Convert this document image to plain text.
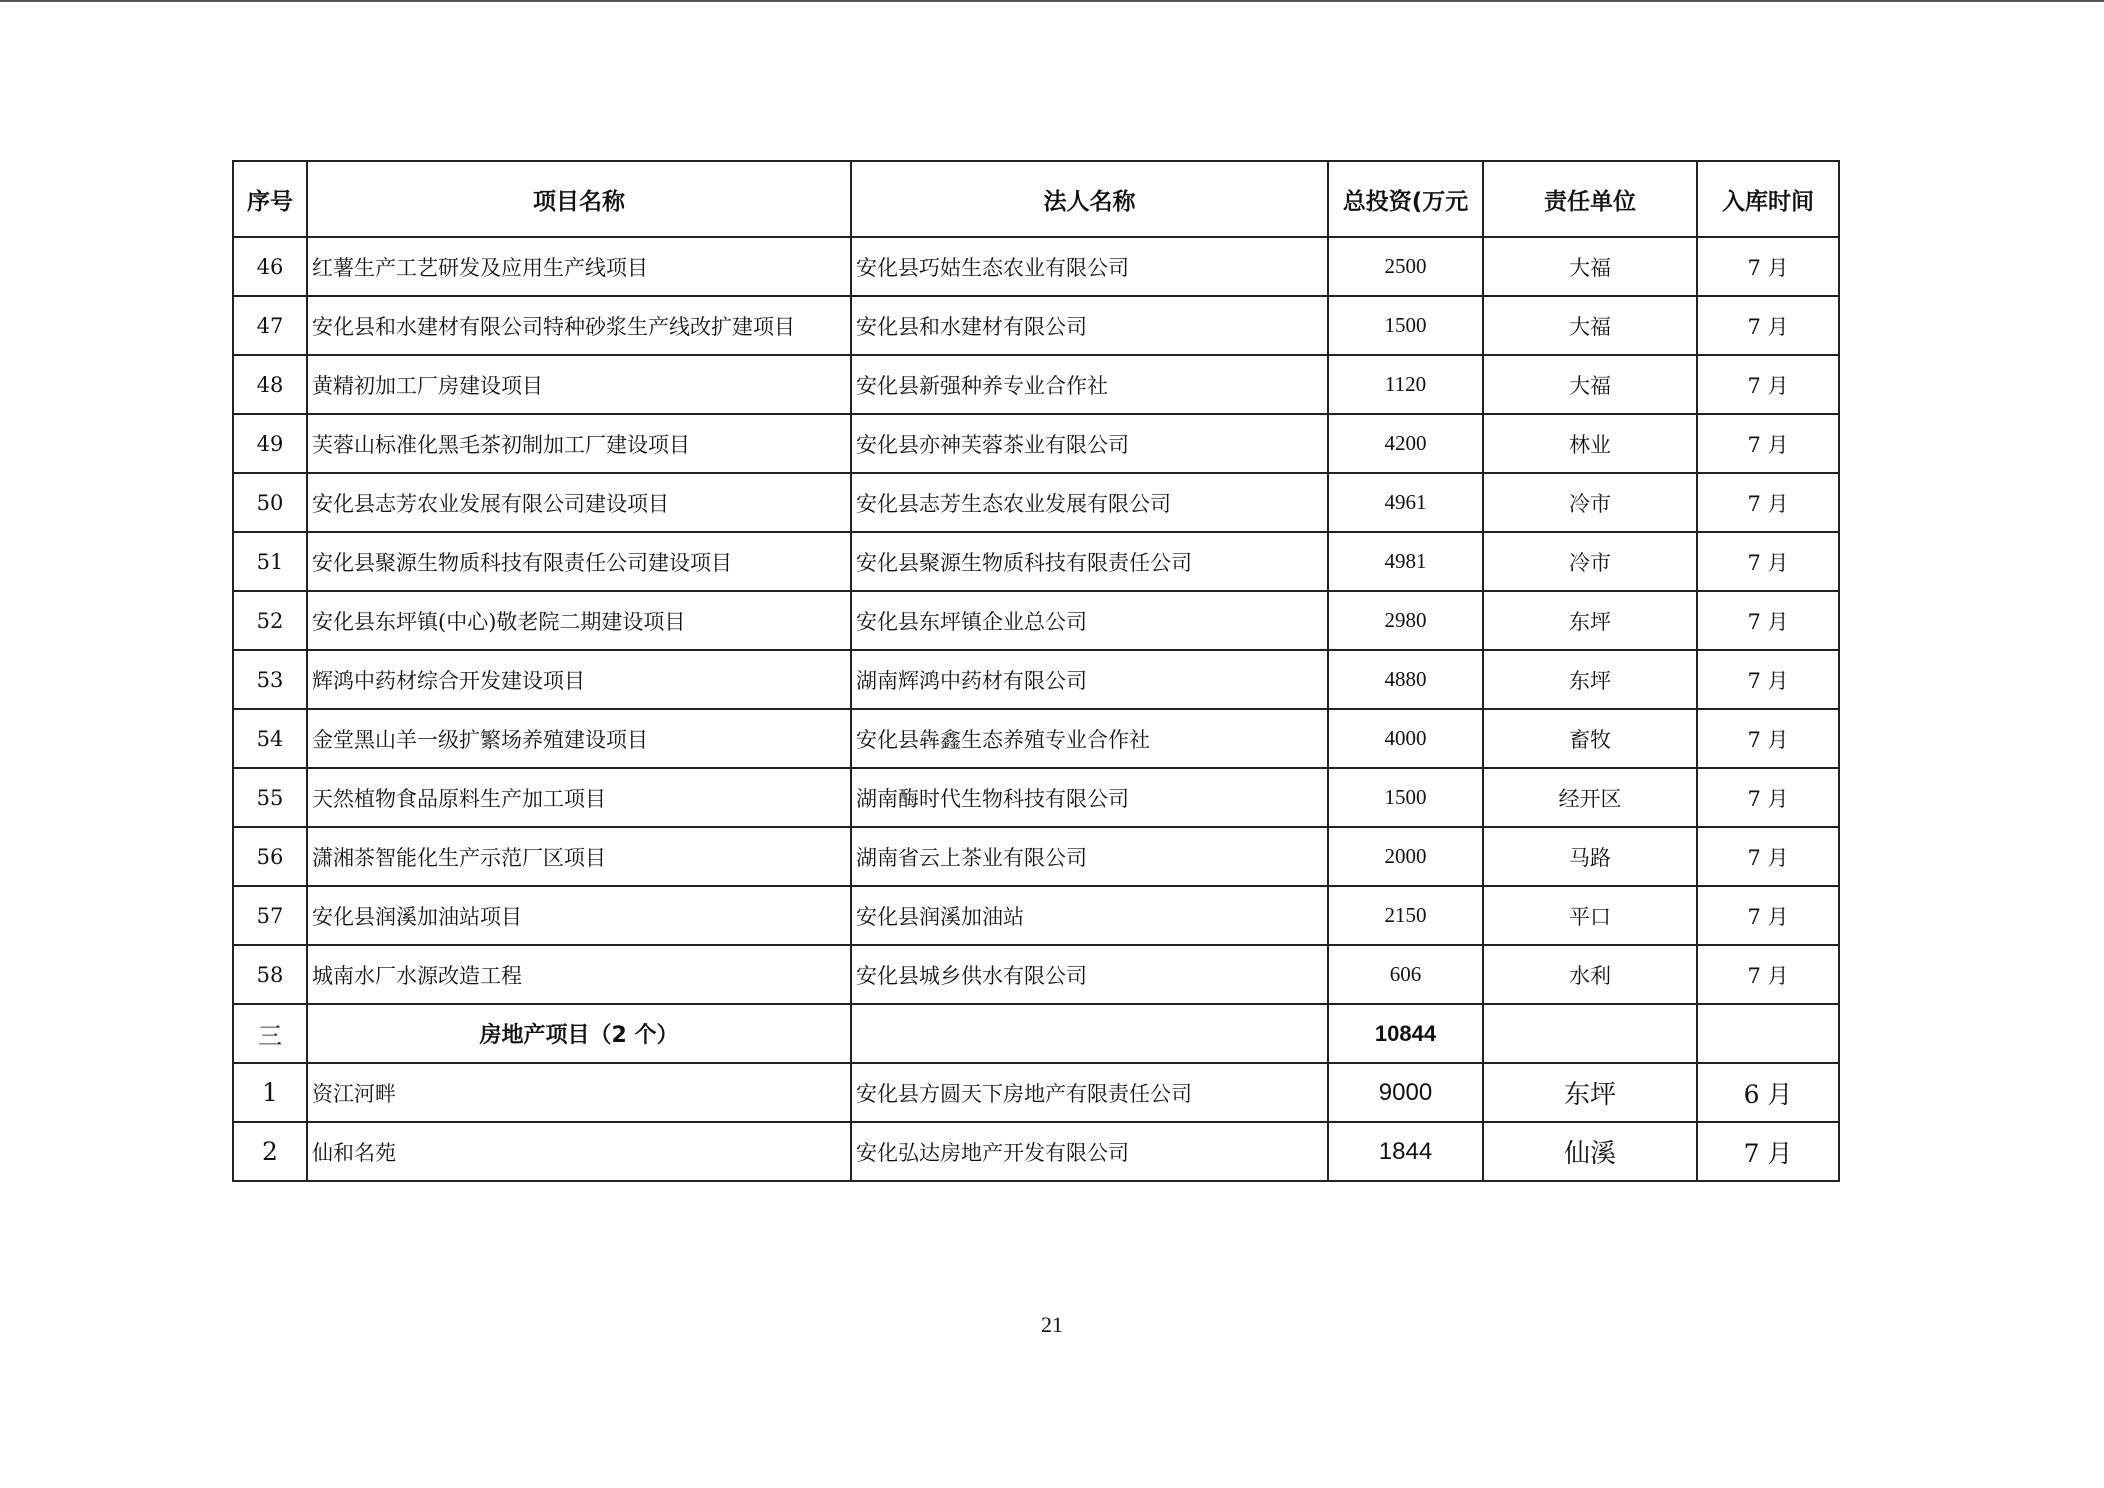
序号	项目名称	法人名称	总投资(万元	责任单位	入库时间
46	红薯生产工艺研发及应用生产线项目	安化县巧姑生态农业有限公司	2500	大福	7 月
47	安化县和水建材有限公司特种砂浆生产线改扩建项目	安化县和水建材有限公司	1500	大福	7 月
48	黄精初加工厂房建设项目	安化县新强种养专业合作社	1120	大福	7 月
49	芙蓉山标准化黑毛茶初制加工厂建设项目	安化县亦神芙蓉茶业有限公司	4200	林业	7 月
50	安化县志芳农业发展有限公司建设项目	安化县志芳生态农业发展有限公司	4961	冷市	7 月
51	安化县聚源生物质科技有限责任公司建设项目	安化县聚源生物质科技有限责任公司	4981	冷市	7 月
52	安化县东坪镇(中心)敬老院二期建设项目	安化县东坪镇企业总公司	2980	东坪	7 月
53	辉鸿中药材综合开发建设项目	湖南辉鸿中药材有限公司	4880	东坪	7 月
54	金堂黑山羊一级扩繁场养殖建设项目	安化县犇鑫生态养殖专业合作社	4000	畜牧	7 月
55	天然植物食品原料生产加工项目	湖南酶时代生物科技有限公司	1500	经开区	7 月
56	潇湘茶智能化生产示范厂区项目	湖南省云上茶业有限公司	2000	马路	7 月
57	安化县润溪加油站项目	安化县润溪加油站	2150	平口	7 月
58	城南水厂水源改造工程	安化县城乡供水有限公司	606	水利	7 月
三	房地产项目（2 个）		10844		
1	资江河畔	安化县方圆天下房地产有限责任公司	9000	东坪	6 月
2	仙和名苑	安化弘达房地产开发有限公司	1844	仙溪	7 月
21
